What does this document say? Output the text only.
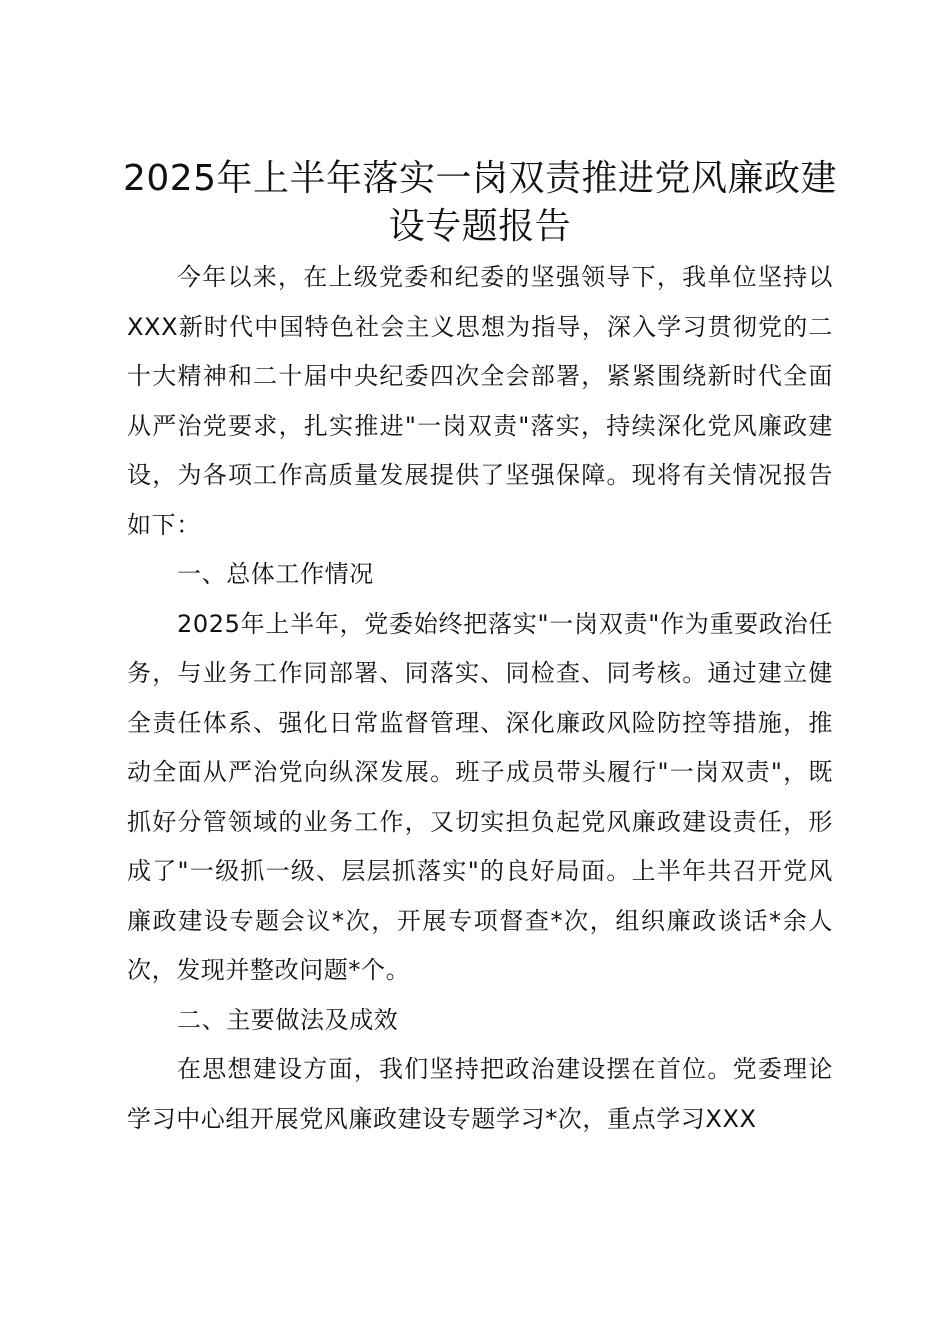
2025年上半年落实一岗双责推进党风廉政建设专题报告

今年以来，在上级党委和纪委的坚强领导下，我单位坚持以XXX新时代中国特色社会主义思想为指导，深入学习贯彻党的二十大精神和二十届中央纪委四次全会部署，紧紧围绕新时代全面从严治党要求，扎实推进"一岗双责"落实，持续深化党风廉政建设，为各项工作高质量发展提供了坚强保障。现将有关情况报告如下：

一、总体工作情况

2025年上半年，党委始终把落实"一岗双责"作为重要政治任务，与业务工作同部署、同落实、同检查、同考核。通过建立健全责任体系、强化日常监督管理、深化廉政风险防控等措施，推动全面从严治党向纵深发展。班子成员带头履行"一岗双责"，既抓好分管领域的业务工作，又切实担负起党风廉政建设责任，形成了"一级抓一级、层层抓落实"的良好局面。上半年共召开党风廉政建设专题会议*次，开展专项督查*次，组织廉政谈话*余人次，发现并整改问题*个。

二、主要做法及成效

在思想建设方面，我们坚持把政治建设摆在首位。党委理论学习中心组开展党风廉政建设专题学习*次，重点学习XXX
